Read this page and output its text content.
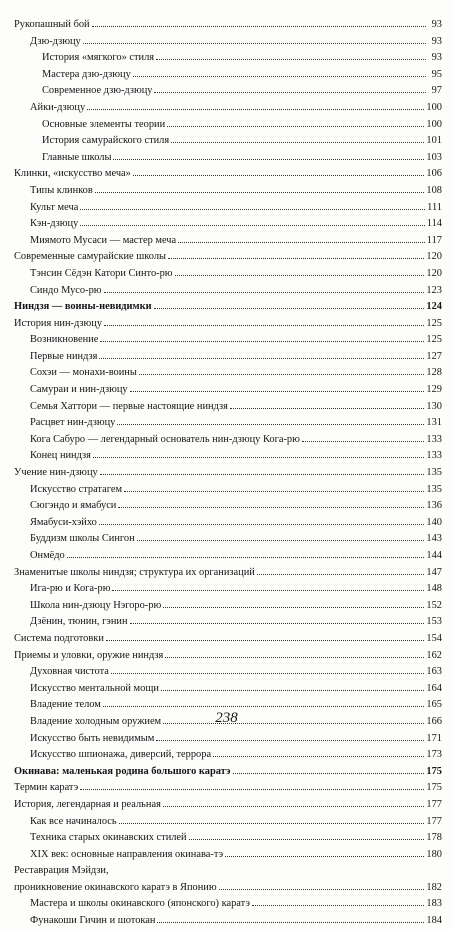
Рукопашный бой	93
Дзю-дзюцу	93
История «мягкого» стиля	93
Мастера дзю-дзюцу	95
Современное дзю-дзюцу	97
Айки-дзюцу	100
Основные элементы теории	100
История самурайского стиля	101
Главные школы	103
Клинки, «искусство меча»	106
Типы клинков	108
Культ меча	111
Кэн-дзюцу	114
Миямото Мусаси — мастер меча	117
Современные самурайские школы	120
Тэнсин Сёдэн Катори Синто-рю	120
Синдо Мусо-рю	123
Ниндзя — воины-невидимки	124
История нин-дзюцу	125
Возникновение	125
Первые ниндзя	127
Сохэи — монахи-воины	128
Самураи и нин-дзюцу	129
Семья Хаттори — первые настоящие ниндзя	130
Расцвет нин-дзюцу	131
Кога Сабуро — легендарный основатель нин-дзюцу Кога-рю	133
Конец ниндзя	133
Учение нин-дзюцу	135
Искусство стратагем	135
Сюгэндо и ямабуси	136
Ямабуси-хэйхо	140
Буддизм школы Сингон	143
Онмёдо	144
Знаменитые школы ниндзя; структура их организаций	147
Ига-рю и Кога-рю	148
Школа нин-дзюцу Нэгоро-рю	152
Дзёнин, тюнин, гэнин	153
Система подготовки	154
Приемы и уловки, оружие ниндзя	162
Духовная чистота	163
Искусство ментальной мощи	164
Владение телом	165
Владение холодным оружием	166
Искусство быть невидимым	171
Искусство шпионажа, диверсий, террора	173
Окинава: маленькая родина большого каратэ	175
Термин каратэ	175
История, легендарная и реальная	177
Как все начиналось	177
Техника старых окинавских стилей	178
XIX век: основные направления окинава-тэ	180
Реставрация Мэйдзи,
проникновение окинавского каратэ в Японию	182
Мастера и школы окинавского (японского) каратэ	183
Фунакоши Гичин и шотокан	184
238
